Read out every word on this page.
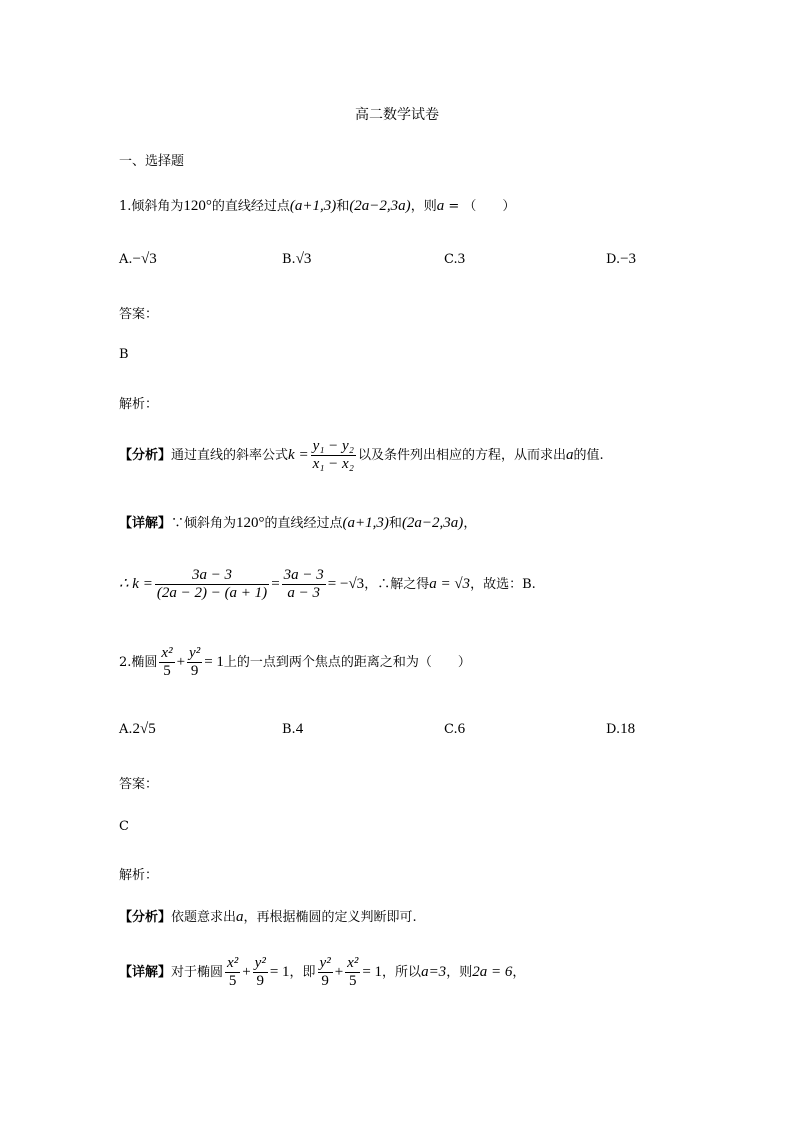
高二数学试卷
一、选择题
1.倾斜角为120°的直线经过点(a+1,3)和(2a−2,3a)，则a = （　　）
A.−√3	B.√3	C.3	D.−3
答案：
B
解析：
【分析】通过直线的斜率公式$k = \frac{\text{y₁ − y₂}}{\text{x₁ − x₂}}$ 以及条件列出相应的方程，从而求出a的值.
【详解】∵倾斜角为120°的直线经过点(a+1,3)和(2a−2,3a)，
∴ $k = \frac{3a - 3}{(2a - 2) - (a + 1)} = \frac{3a - 3}{a - 3} = -√3$，∴解之得a = √3，故选：B.
2.椭圆 $\frac{\text{x²}}{5} + \frac{\text{y²}}{9} = 1$上的一点到两个焦点的距离之和为（　　）
A.2√5	B.4	C.6	D.18
答案：
C
解析：
【分析】依题意求出a，再根据椭圆的定义判断即可.
【详解】对于椭圆 $\frac{\text{x²}}{5} + \frac{\text{y²}}{9} = 1$，即 $\frac{\text{y²}}{9} + \frac{\text{x²}}{5} = 1$，所以a=3，则2a = 6，
